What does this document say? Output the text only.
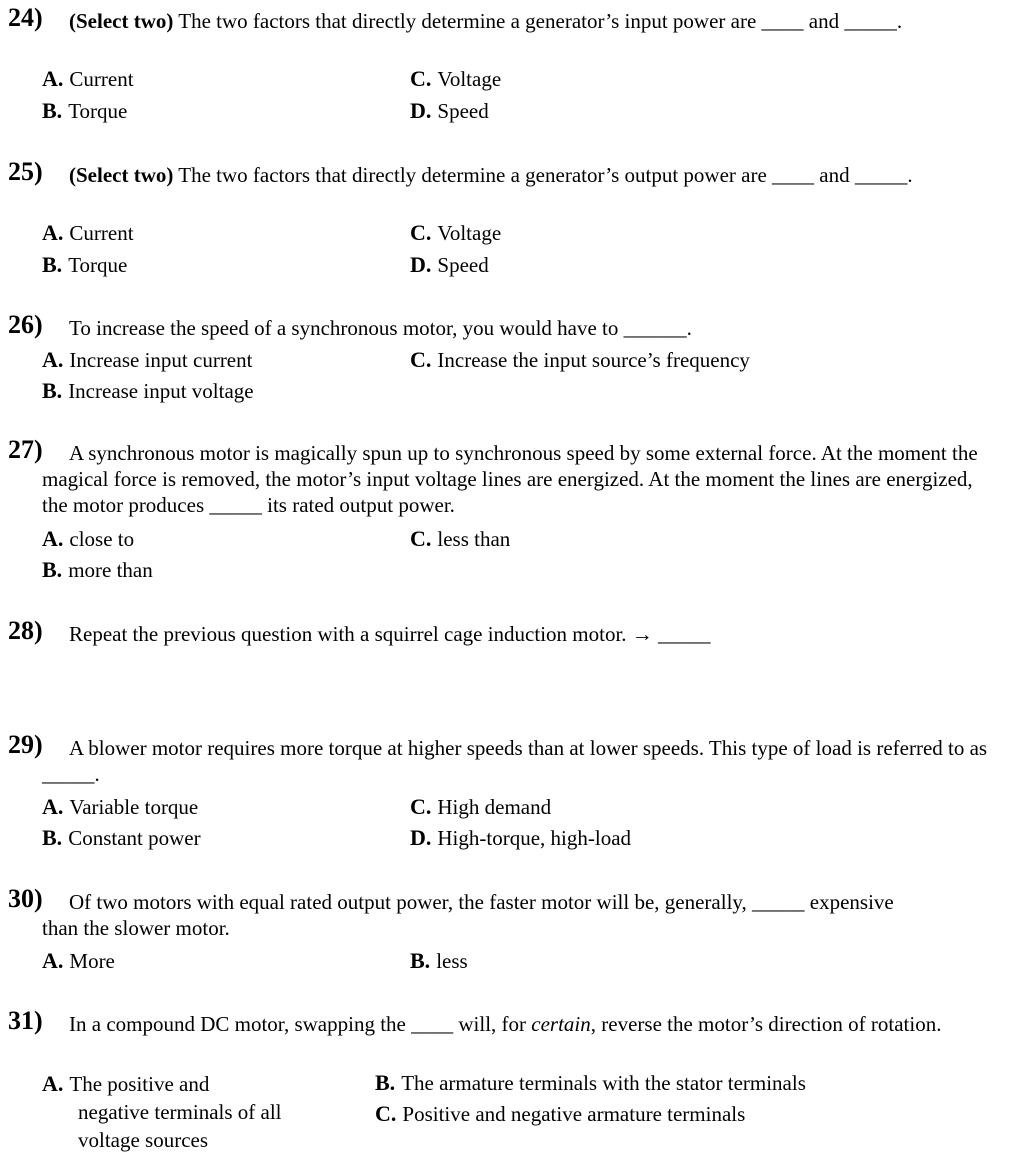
24)	(Select two) The two factors that directly determine a generator’s input power are ____ and _____.
A. Current
B. Torque
C. Voltage
D. Speed
25)	(Select two) The two factors that directly determine a generator’s output power are ____ and _____.
A. Current
B. Torque
C. Voltage
D. Speed
26)	To increase the speed of a synchronous motor, you would have to ______.
A. Increase input current
B. Increase input voltage
C. Increase the input source’s frequency
27)	A synchronous motor is magically spun up to synchronous speed by some external force. At the moment the magical force is removed, the motor’s input voltage lines are energized. At the moment the lines are energized, the motor produces _____ its rated output power.
A. close to
B. more than
C. less than
28)	Repeat the previous question with a squirrel cage induction motor. → _____
29)	A blower motor requires more torque at higher speeds than at lower speeds. This type of load is referred to as _____.
A. Variable torque
B. Constant power
C. High demand
D. High-torque, high-load
30)	Of two motors with equal rated output power, the faster motor will be, generally, _____ expensive than the slower motor.
A. More	B. less
31)	In a compound DC motor, swapping the ____ will, for certain, reverse the motor’s direction of rotation.
A. The positive and
negative terminals of all
voltage sources
B. The armature terminals with the stator terminals
C. Positive and negative armature terminals
